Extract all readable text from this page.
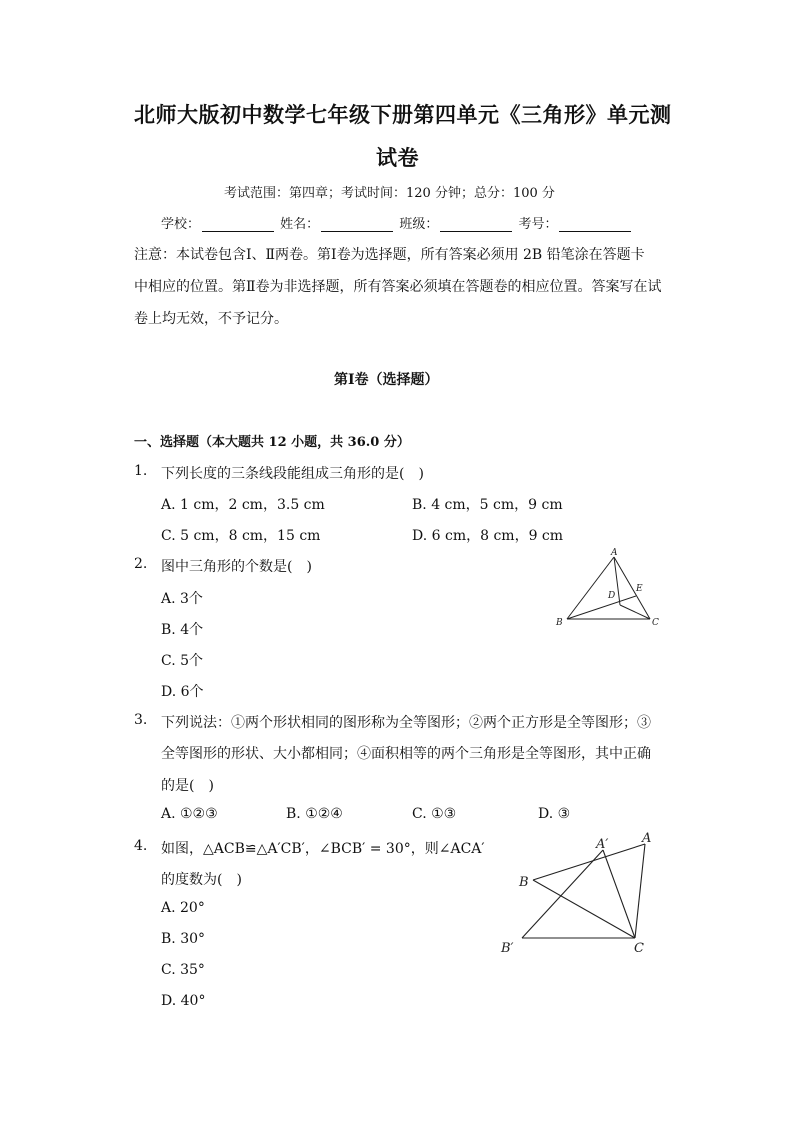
北师大版初中数学七年级下册第四单元《三角形》单元测
试卷
考试范围：第四章；考试时间：120 分钟；总分：100 分
学校：	姓名：	班级：	考号：
注意：本试卷包含Ⅰ、Ⅱ两卷。第Ⅰ卷为选择题，所有答案必须用 2B 铅笔涂在答题卡
中相应的位置。第Ⅱ卷为非选择题，所有答案必须填在答题卷的相应位置。答案写在试
卷上均无效，不予记分。
第Ⅰ卷（选择题）
一、选择题（本大题共 12 小题，共 36.0 分）
1. 下列长度的三条线段能组成三角形的是(　)
A. 1 cm，2 cm，3.5 cm	B. 4 cm，5 cm，9 cm
C. 5 cm，8 cm，15 cm	D. 6 cm，8 cm，9 cm
2. 图中三角形的个数是(　)
A. 3个
B. 4个
C. 5个
D. 6个
A
B	C
D
E
3. 下列说法：①两个形状相同的图形称为全等图形；②两个正方形是全等图形；③
全等图形的形状、大小都相同；④面积相等的两个三角形是全等图形，其中正确
的是(　)
A. ①②③	B. ①②④	C. ①③	D. ③
4. 如图，△ACB≌△A′CB′，∠BCB′ = 30°，则∠ACA′
的度数为(　)
A. 20°
B. 30°
C. 35°
D. 40°
A′	A
B
B′	C
